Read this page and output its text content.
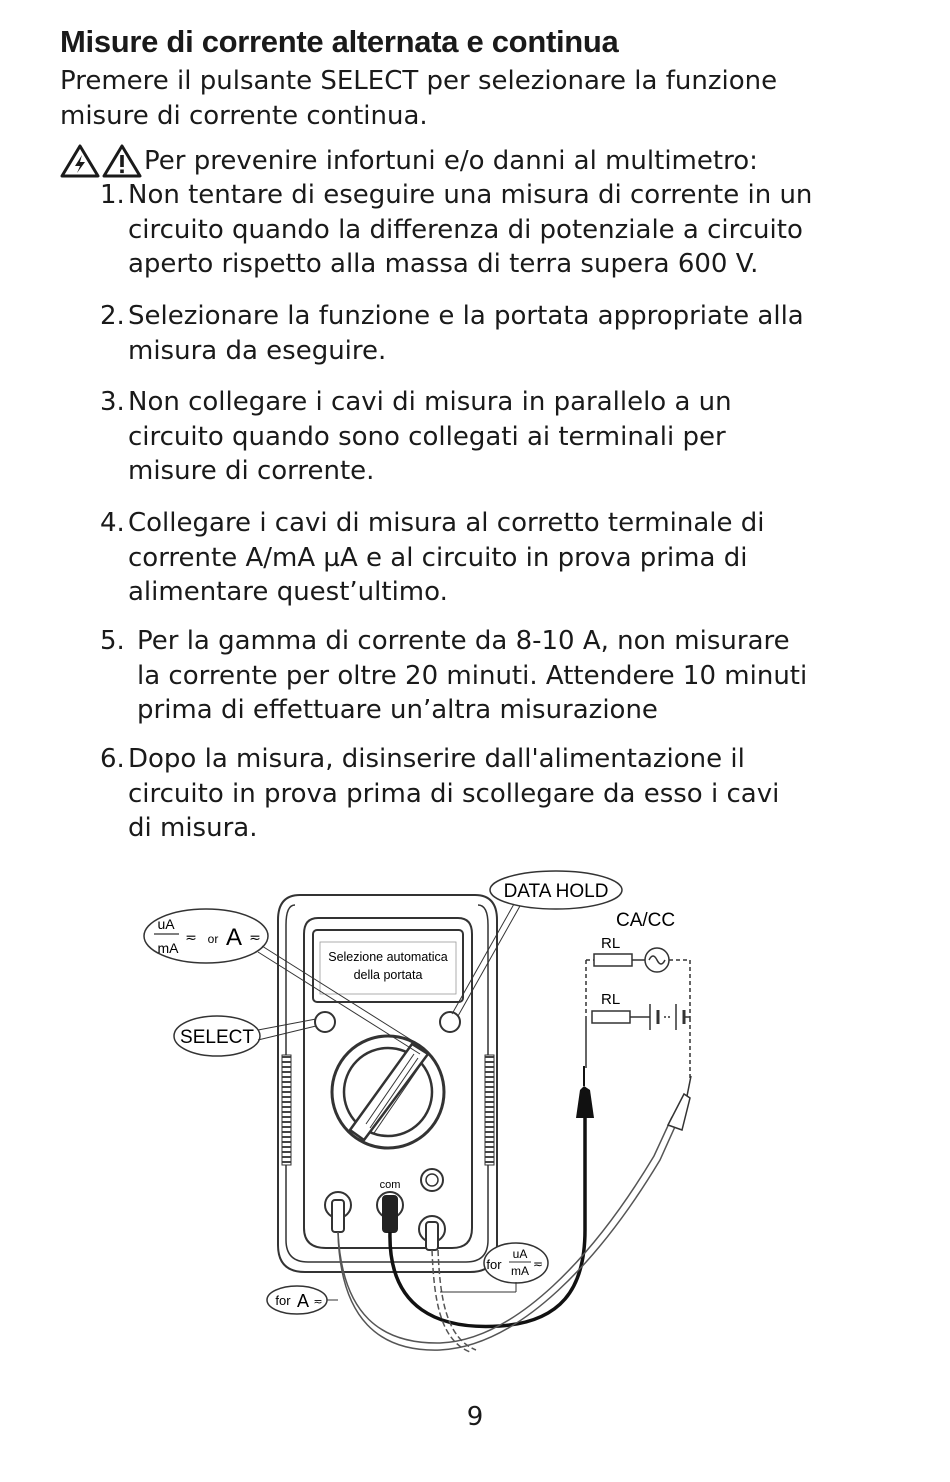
Misure di corrente alternata e continua

Premere il pulsante SELECT per selezionare la funzione
misure di corrente continua.

Per prevenire infortuni e/o danni al multimetro:
1. Non tentare di eseguire una misura di corrente in un
circuito quando la differenza di potenziale a circuito
aperto rispetto alla massa di terra supera 600 V.
2. Selezionare la funzione e la portata appropriate alla
misura da eseguire.
3. Non collegare i cavi di misura in parallelo a un
circuito quando sono collegati ai terminali per
misure di corrente.
4. Collegare i cavi di misura al corretto terminale di
corrente A/mA µA e al circuito in prova prima di
alimentare quest’ultimo.
5. Per la gamma di corrente da 8-10 A, non misurare
la corrente per oltre 20 minuti. Attendere 10 minuti
prima di effettuare un’altra misurazione
6. Dopo la misura, disinserire dall'alimentazione il
circuito in prova prima di scollegare da esso i cavi
di misura.
Selezione automatica
della portata
com
CA/CC
RL
RL
DATA HOLD
SELECT
uA
mA
≂ or A ≂
for
uA
mA ≂
for A ≂
9
